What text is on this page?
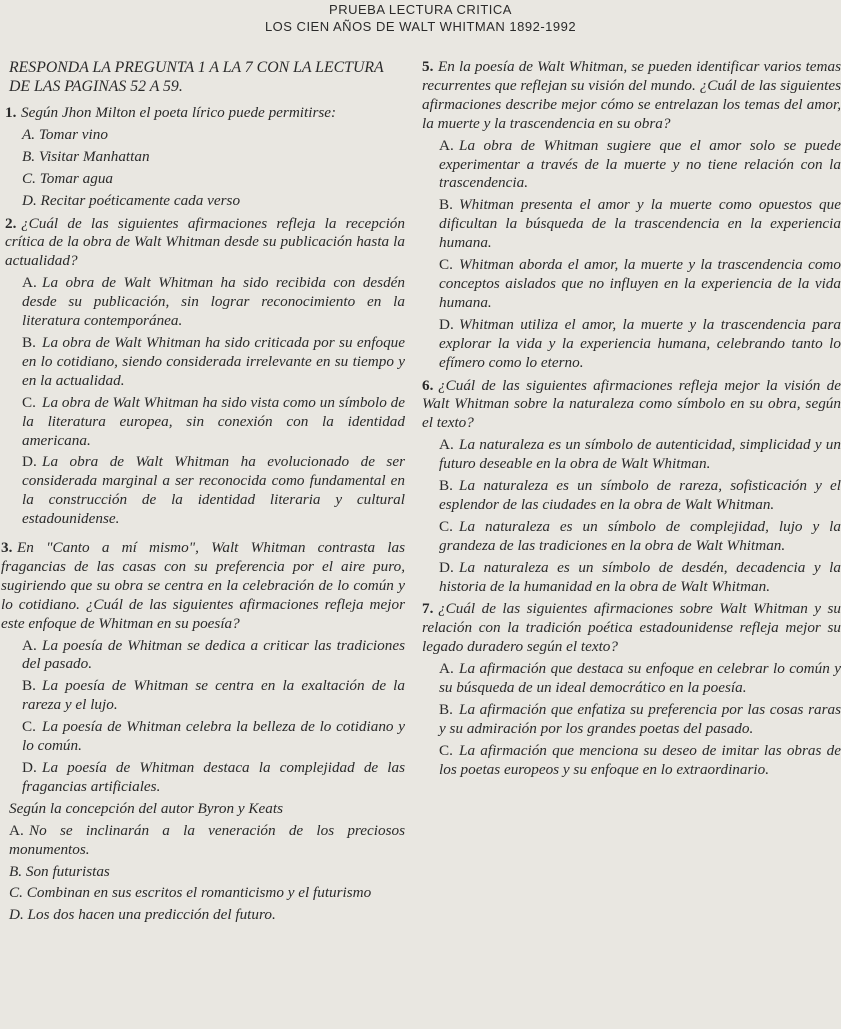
PRUEBA LECTURA CRITICA
LOS CIEN AÑOS DE WALT WHITMAN 1892-1992

RESPONDA LA PREGUNTA 1 A LA 7 CON LA LECTURA DE LAS PAGINAS 52 A 59.

1. Según Jhon Milton el poeta lírico puede permitirse:

A. Tomar vino

B. Visitar Manhattan

C. Tomar agua

D. Recitar poéticamente cada verso

2. ¿Cuál de las siguientes afirmaciones refleja la recepción crítica de la obra de Walt Whitman desde su publicación hasta la actualidad?

A. La obra de Walt Whitman ha sido recibida con desdén desde su publicación, sin lograr reconocimiento en la literatura contemporánea.

B. La obra de Walt Whitman ha sido criticada por su enfoque en lo cotidiano, siendo considerada irrelevante en su tiempo y en la actualidad.

C. La obra de Walt Whitman ha sido vista como un símbolo de la literatura europea, sin conexión con la identidad americana.

D. La obra de Walt Whitman ha evolucionado de ser considerada marginal a ser reconocida como fundamental en la construcción de la identidad literaria y cultural estadounidense.

3. En "Canto a mí mismo", Walt Whitman contrasta las fragancias de las casas con su preferencia por el aire puro, sugiriendo que su obra se centra en la celebración de lo común y lo cotidiano. ¿Cuál de las siguientes afirmaciones refleja mejor este enfoque de Whitman en su poesía?

A. La poesía de Whitman se dedica a criticar las tradiciones del pasado.

B. La poesía de Whitman se centra en la exaltación de la rareza y el lujo.

C. La poesía de Whitman celebra la belleza de lo cotidiano y lo común.

D. La poesía de Whitman destaca la complejidad de las fragancias artificiales.

Según la concepción del autor Byron y Keats

A. No se inclinarán a la veneración de los preciosos monumentos.

B. Son futuristas

C. Combinan en sus escritos el romanticismo y el futurismo

D. Los dos hacen una predicción del futuro.

5. En la poesía de Walt Whitman, se pueden identificar varios temas recurrentes que reflejan su visión del mundo. ¿Cuál de las siguientes afirmaciones describe mejor cómo se entrelazan los temas del amor, la muerte y la trascendencia en su obra?

A. La obra de Whitman sugiere que el amor solo se puede experimentar a través de la muerte y no tiene relación con la trascendencia.

B. Whitman presenta el amor y la muerte como opuestos que dificultan la búsqueda de la trascendencia en la experiencia humana.

C. Whitman aborda el amor, la muerte y la trascendencia como conceptos aislados que no influyen en la experiencia de la vida humana.

D. Whitman utiliza el amor, la muerte y la trascendencia para explorar la vida y la experiencia humana, celebrando tanto lo efímero como lo eterno.

6. ¿Cuál de las siguientes afirmaciones refleja mejor la visión de Walt Whitman sobre la naturaleza como símbolo en su obra, según el texto?

A. La naturaleza es un símbolo de autenticidad, simplicidad y un futuro deseable en la obra de Walt Whitman.

B. La naturaleza es un símbolo de rareza, sofisticación y el esplendor de las ciudades en la obra de Walt Whitman.

C. La naturaleza es un símbolo de complejidad, lujo y la grandeza de las tradiciones en la obra de Walt Whitman.

D. La naturaleza es un símbolo de desdén, decadencia y la historia de la humanidad en la obra de Walt Whitman.

7. ¿Cuál de las siguientes afirmaciones sobre Walt Whitman y su relación con la tradición poética estadounidense refleja mejor su legado duradero según el texto?

A. La afirmación que destaca su enfoque en celebrar lo común y su búsqueda de un ideal democrático en la poesía.

B. La afirmación que enfatiza su preferencia por las cosas raras y su admiración por los grandes poetas del pasado.

C. La afirmación que menciona su deseo de imitar las obras de los poetas europeos y su enfoque en lo extraordinario.
